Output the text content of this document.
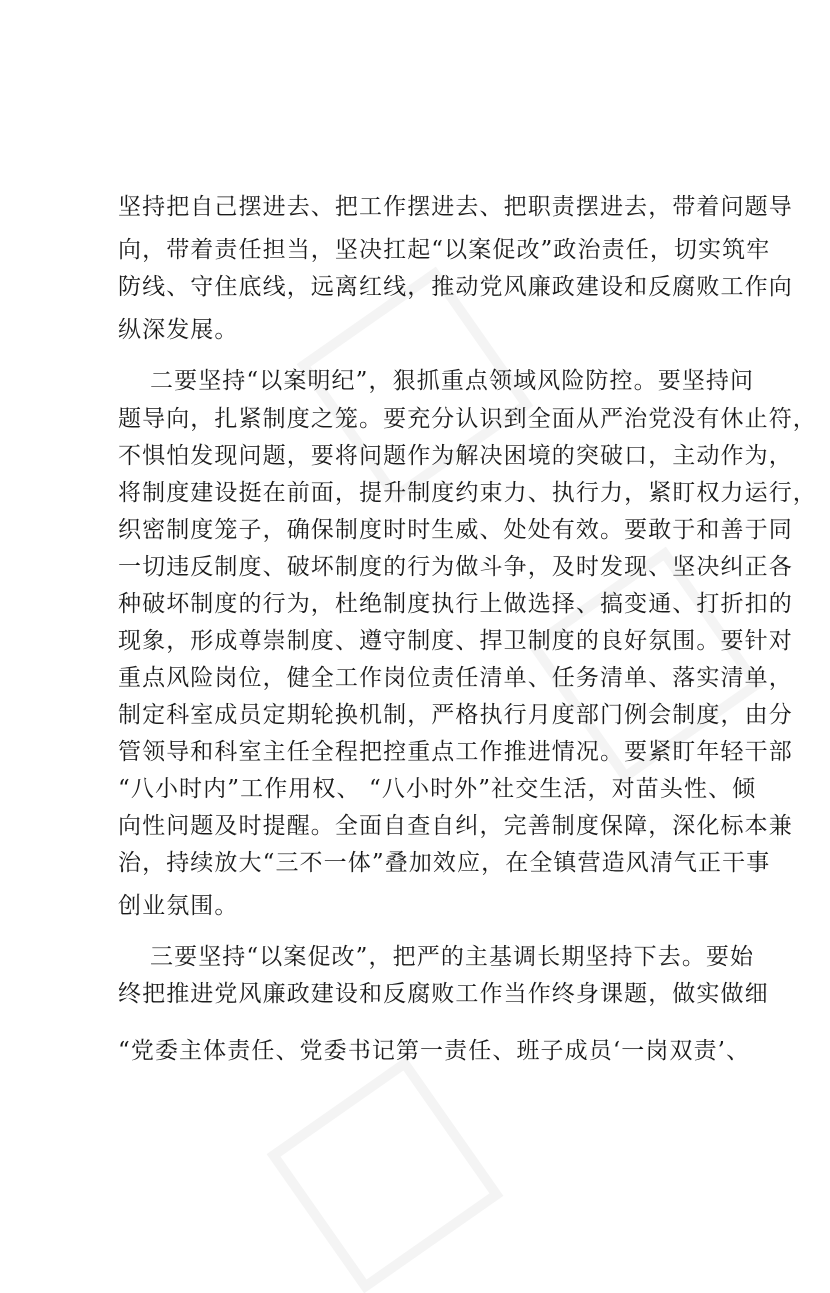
坚持把自己摆进去、把工作摆进去、把职责摆进去，带着问题导
向，带着责任担当，坚决扛起“以案促改”政治责任，切实筑牢
防线、守住底线，远离红线，推动党风廉政建设和反腐败工作向
纵深发展。
二要坚持“以案明纪”，狠抓重点领域风险防控。要坚持问
题导向，扎紧制度之笼。要充分认识到全面从严治党没有休止符，
不惧怕发现问题，要将问题作为解决困境的突破口，主动作为，
将制度建设挺在前面，提升制度约束力、执行力，紧盯权力运行，
织密制度笼子，确保制度时时生威、处处有效。要敢于和善于同
一切违反制度、破坏制度的行为做斗争，及时发现、坚决纠正各
种破坏制度的行为，杜绝制度执行上做选择、搞变通、打折扣的
现象，形成尊崇制度、遵守制度、捍卫制度的良好氛围。要针对
重点风险岗位，健全工作岗位责任清单、任务清单、落实清单，
制定科室成员定期轮换机制，严格执行月度部门例会制度，由分
管领导和科室主任全程把控重点工作推进情况。要紧盯年轻干部
“八小时内”工作用权、 “八小时外”社交生活，对苗头性、倾
向性问题及时提醒。全面自查自纠，完善制度保障，深化标本兼
治，持续放大“三不一体”叠加效应，在全镇营造风清气正干事
创业氛围。
三要坚持“以案促改”，把严的主基调长期坚持下去。要始
终把推进党风廉政建设和反腐败工作当作终身课题，做实做细
“党委主体责任、党委书记第一责任、班子成员‘一岗双责’、
